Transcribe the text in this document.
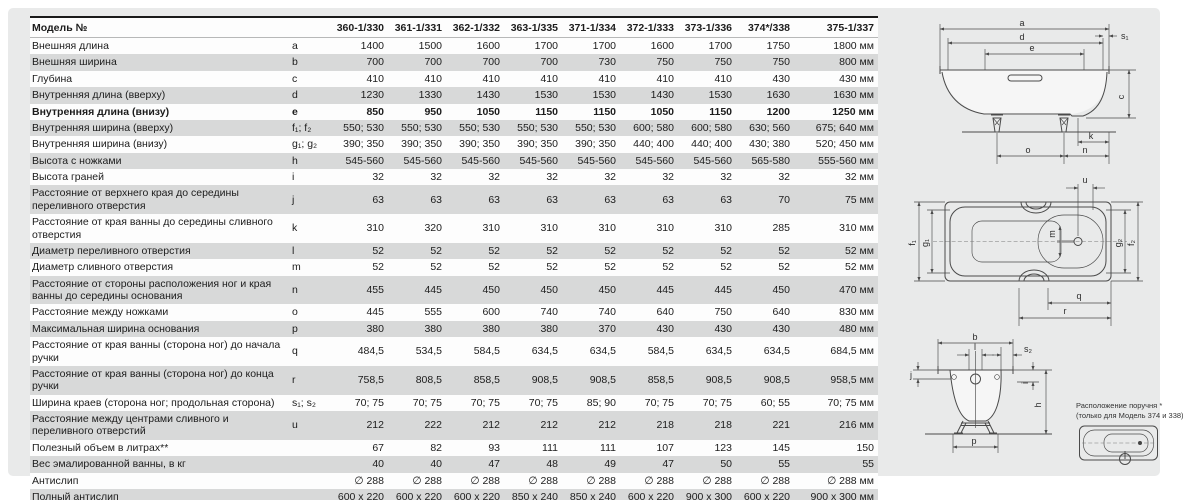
Модель №		360-1/330	361-1/331	362-1/332	363-1/335	371-1/334	372-1/333	373-1/336	374*/338	375-1/337
Внешняя длина	a	1400	1500	1600	1700	1700	1600	1700	1750	1800 мм
Внешняя ширина	b	700	700	700	700	730	750	750	750	800 мм
Глубина	c	410	410	410	410	410	410	410	430	430 мм
Внутренняя длина (вверху)	d	1230	1330	1430	1530	1530	1430	1530	1630	1630 мм
Внутренняя длина (внизу)	e	850	950	1050	1150	1150	1050	1150	1200	1250 мм
Внутренняя ширина (вверху)	f₁; f₂	550; 530	550; 530	550; 530	550; 530	550; 530	600; 580	600; 580	630; 560	675; 640 мм
Внутренняя ширина (внизу)	g₁; g₂	390; 350	390; 350	390; 350	390; 350	390; 350	440; 400	440; 400	430; 380	520; 450 мм
Высота с ножками	h	545-560	545-560	545-560	545-560	545-560	545-560	545-560	565-580	555-560 мм
Высота граней	i	32	32	32	32	32	32	32	32	32 мм
Расстояние от верхнего края до середины переливного отверстия	j	63	63	63	63	63	63	63	70	75 мм
Расстояние от края ванны до середины сливного отверстия	k	310	320	310	310	310	310	310	285	310 мм
Диаметр переливного отверстия	l	52	52	52	52	52	52	52	52	52 мм
Диаметр сливного отверстия	m	52	52	52	52	52	52	52	52	52 мм
Расстояние от стороны расположения ног и края ванны до середины основания	n	455	445	450	450	450	445	445	450	470 мм
Расстояние между ножками	o	445	555	600	740	740	640	750	640	830 мм
Максимальная ширина основания	p	380	380	380	380	370	430	430	430	480 мм
Расстояние от края ванны (сторона ног) до начала ручки	q	484,5	534,5	584,5	634,5	634,5	584,5	634,5	634,5	684,5 мм
Расстояние от края ванны (сторона ног) до конца ручки	r	758,5	808,5	858,5	908,5	908,5	858,5	908,5	908,5	958,5 мм
Ширина краев (сторона ног; продольная сторона)	s₁; s₂	70; 75	70; 75	70; 75	70; 75	85; 90	70; 75	70; 75	60; 55	70; 75 мм
Расстояние между центрами сливного и переливного отверстий	u	212	222	212	212	212	218	218	221	216 мм
Полезный объем в литрах**		67	82	93	111	111	107	123	145	150
Вес эмалированной ванны, в кг		40	40	47	48	49	47	50	55	55
Антислип		∅ 288	∅ 288	∅ 288	∅ 288	∅ 288	∅ 288	∅ 288	∅ 288	∅ 288 мм
Полный антислип		600 x 220	600 x 220	600 x 220	850 x 240	850 x 240	600 x 220	900 x 300	600 x 220	900 x 300 мм
a
d
e
s₁
c
k
o	n
u
f₁ g₁
m
g₂ f₂
q
r
b
l	s₂
j
i
h
p
Расположение поручня *
(только для Модель 374 и 338)
